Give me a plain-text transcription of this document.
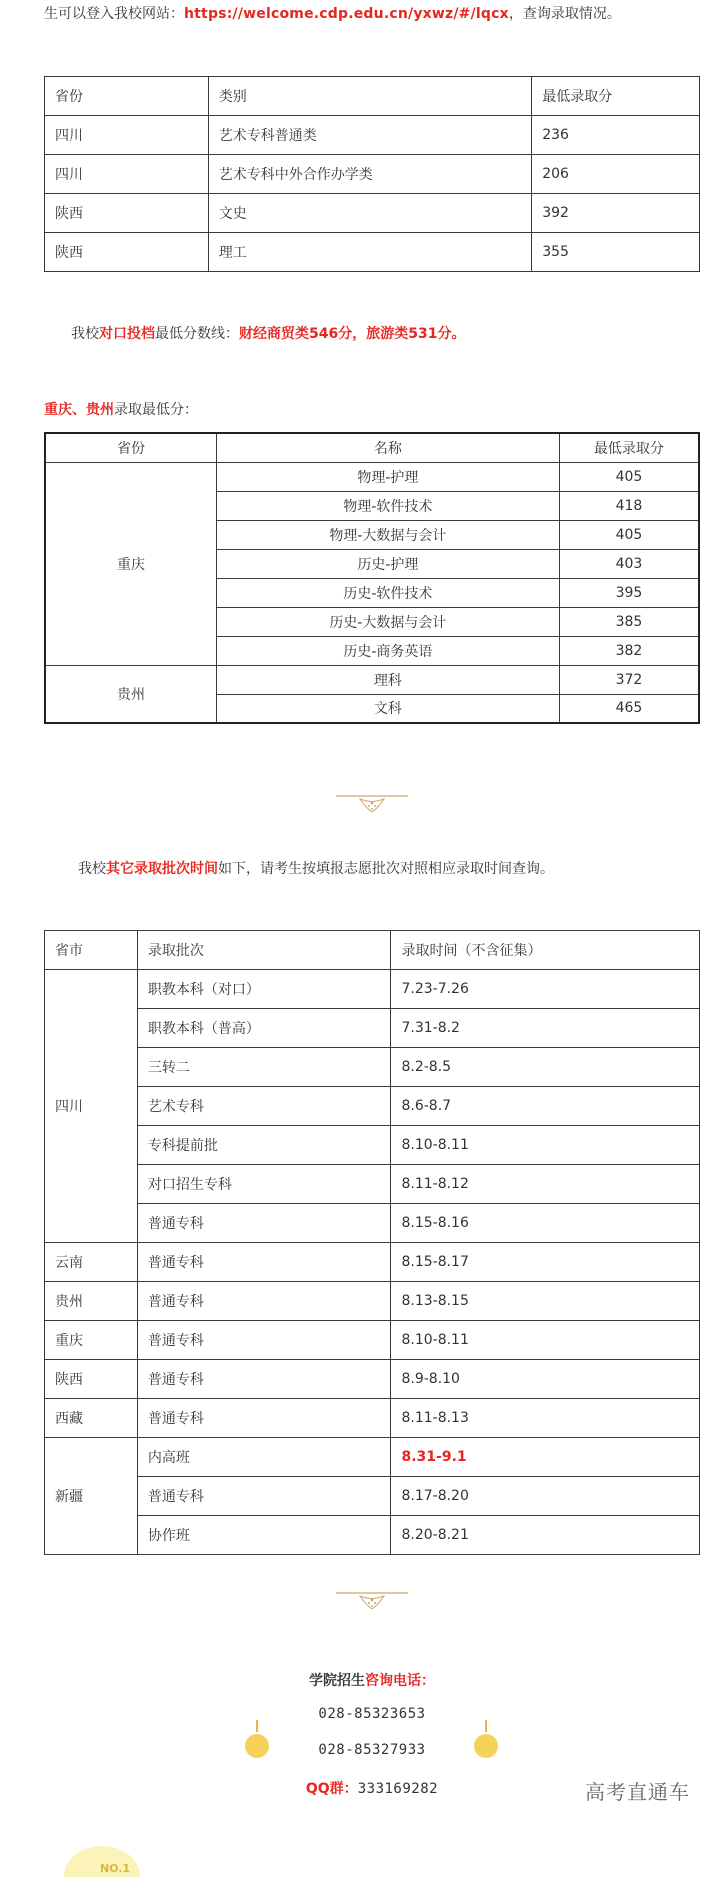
生可以登入我校网站：https://welcome.cdp.edu.cn/yxwz/#/lqcx，查询录取情况。
省份	类别	最低录取分
四川	艺术专科普通类	236
四川	艺术专科中外合作办学类	206
陕西	文史	392
陕西	理工	355
我校对口投档最低分数线：财经商贸类546分，旅游类531分。
重庆、贵州录取最低分：
省份	名称	最低录取分
重庆	物理-护理	405
	物理-软件技术	418
	物理-大数据与会计	405
	历史-护理	403
	历史-软件技术	395
	历史-大数据与会计	385
	历史-商务英语	382
贵州	理科	372
	文科	465
我校其它录取批次时间如下，请考生按填报志愿批次对照相应录取时间查询。
省市	录取批次	录取时间（不含征集）
四川	职教本科（对口）	7.23-7.26
	职教本科（普高）	7.31-8.2
	三转二	8.2-8.5
	艺术专科	8.6-8.7
	专科提前批	8.10-8.11
	对口招生专科	8.11-8.12
	普通专科	8.15-8.16
云南	普通专科	8.15-8.17
贵州	普通专科	8.13-8.15
重庆	普通专科	8.10-8.11
陕西	普通专科	8.9-8.10
西藏	普通专科	8.11-8.13
新疆	内高班	8.31-9.1
	普通专科	8.17-8.20
	协作班	8.20-8.21
学院招生咨询电话：
028-85323653
028-85327933
QQ群：333169282	高考直通车
NO.1
